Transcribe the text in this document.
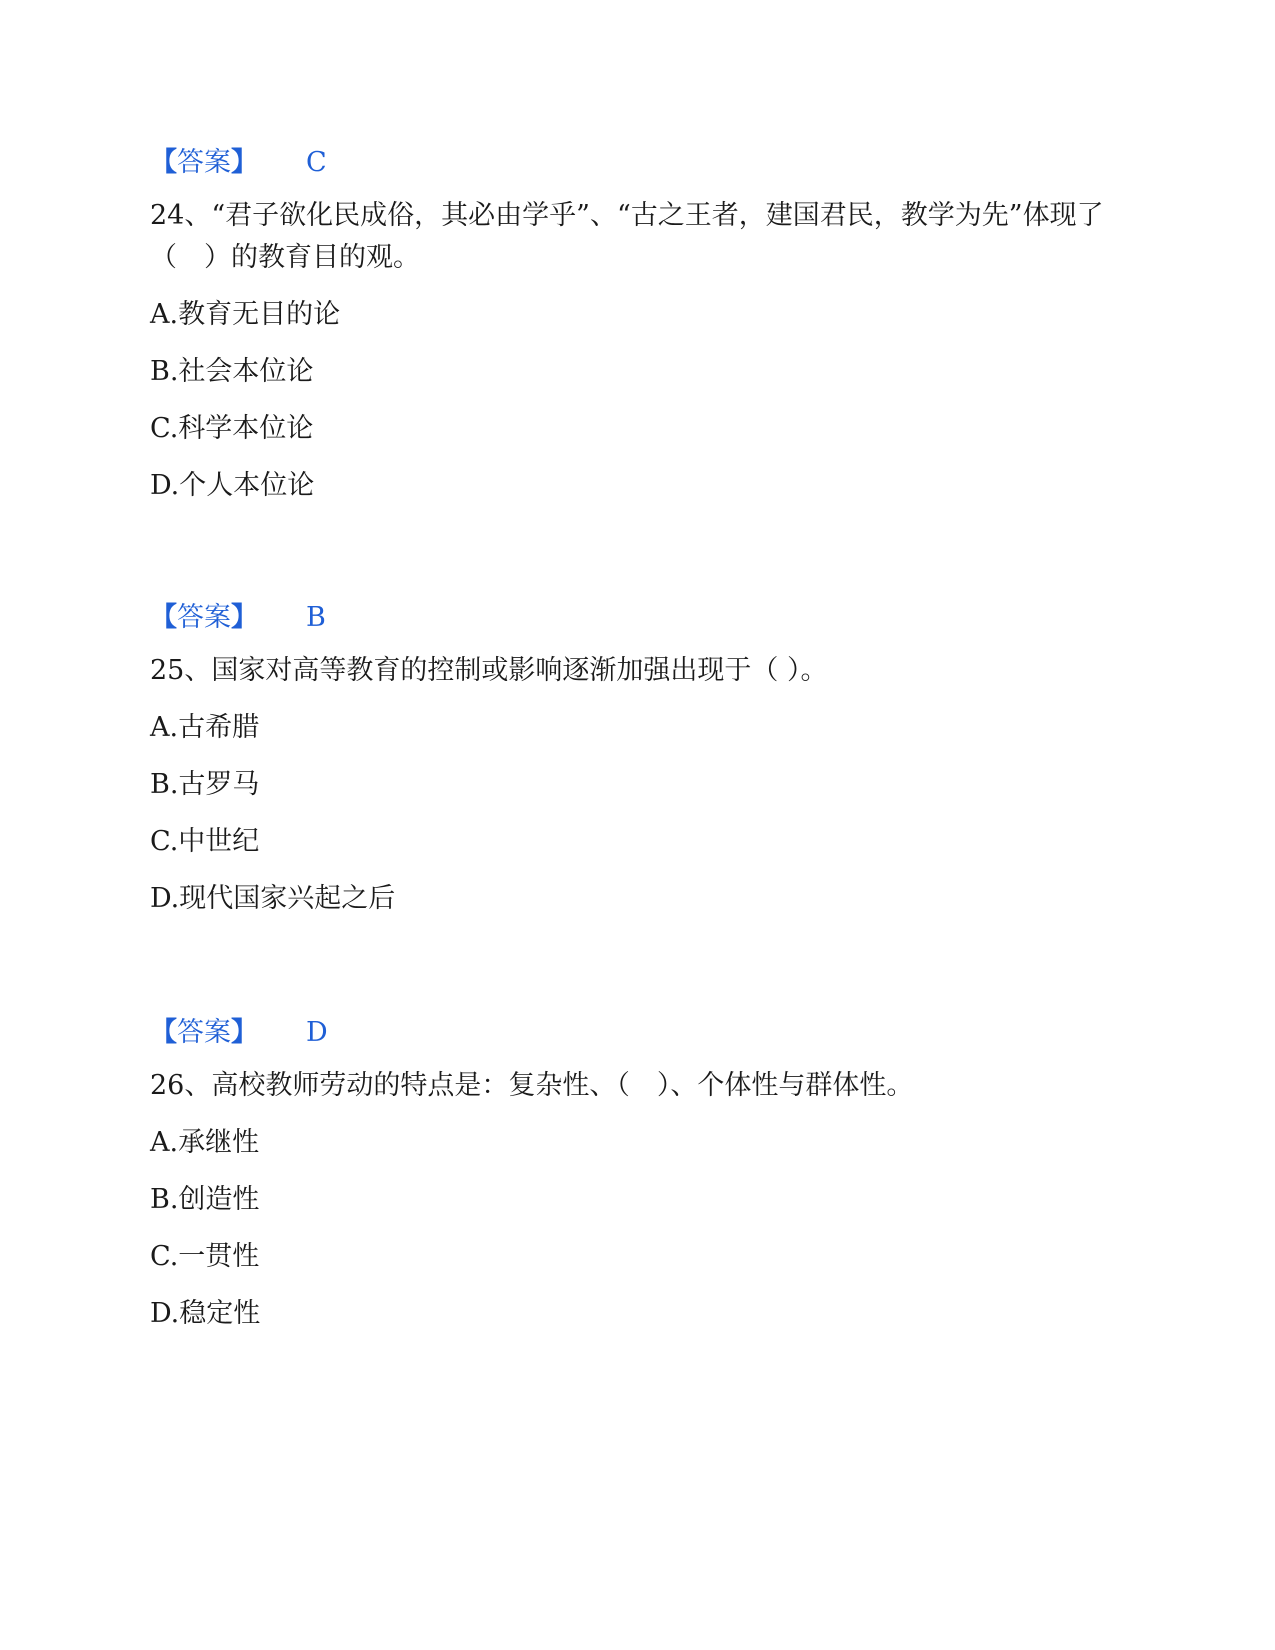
【答案】 C
24、“君子欲化民成俗，其必由学乎”、“古之王者，建国君民，教学为先”体现了（　）的教育目的观。
A.教育无目的论
B.社会本位论
C.科学本位论
D.个人本位论
【答案】 B
25、国家对高等教育的控制或影响逐渐加强出现于（ ）。
A.古希腊
B.古罗马
C.中世纪
D.现代国家兴起之后
【答案】 D
26、高校教师劳动的特点是：复杂性、（　）、个体性与群体性。
A.承继性
B.创造性
C.一贯性
D.稳定性
